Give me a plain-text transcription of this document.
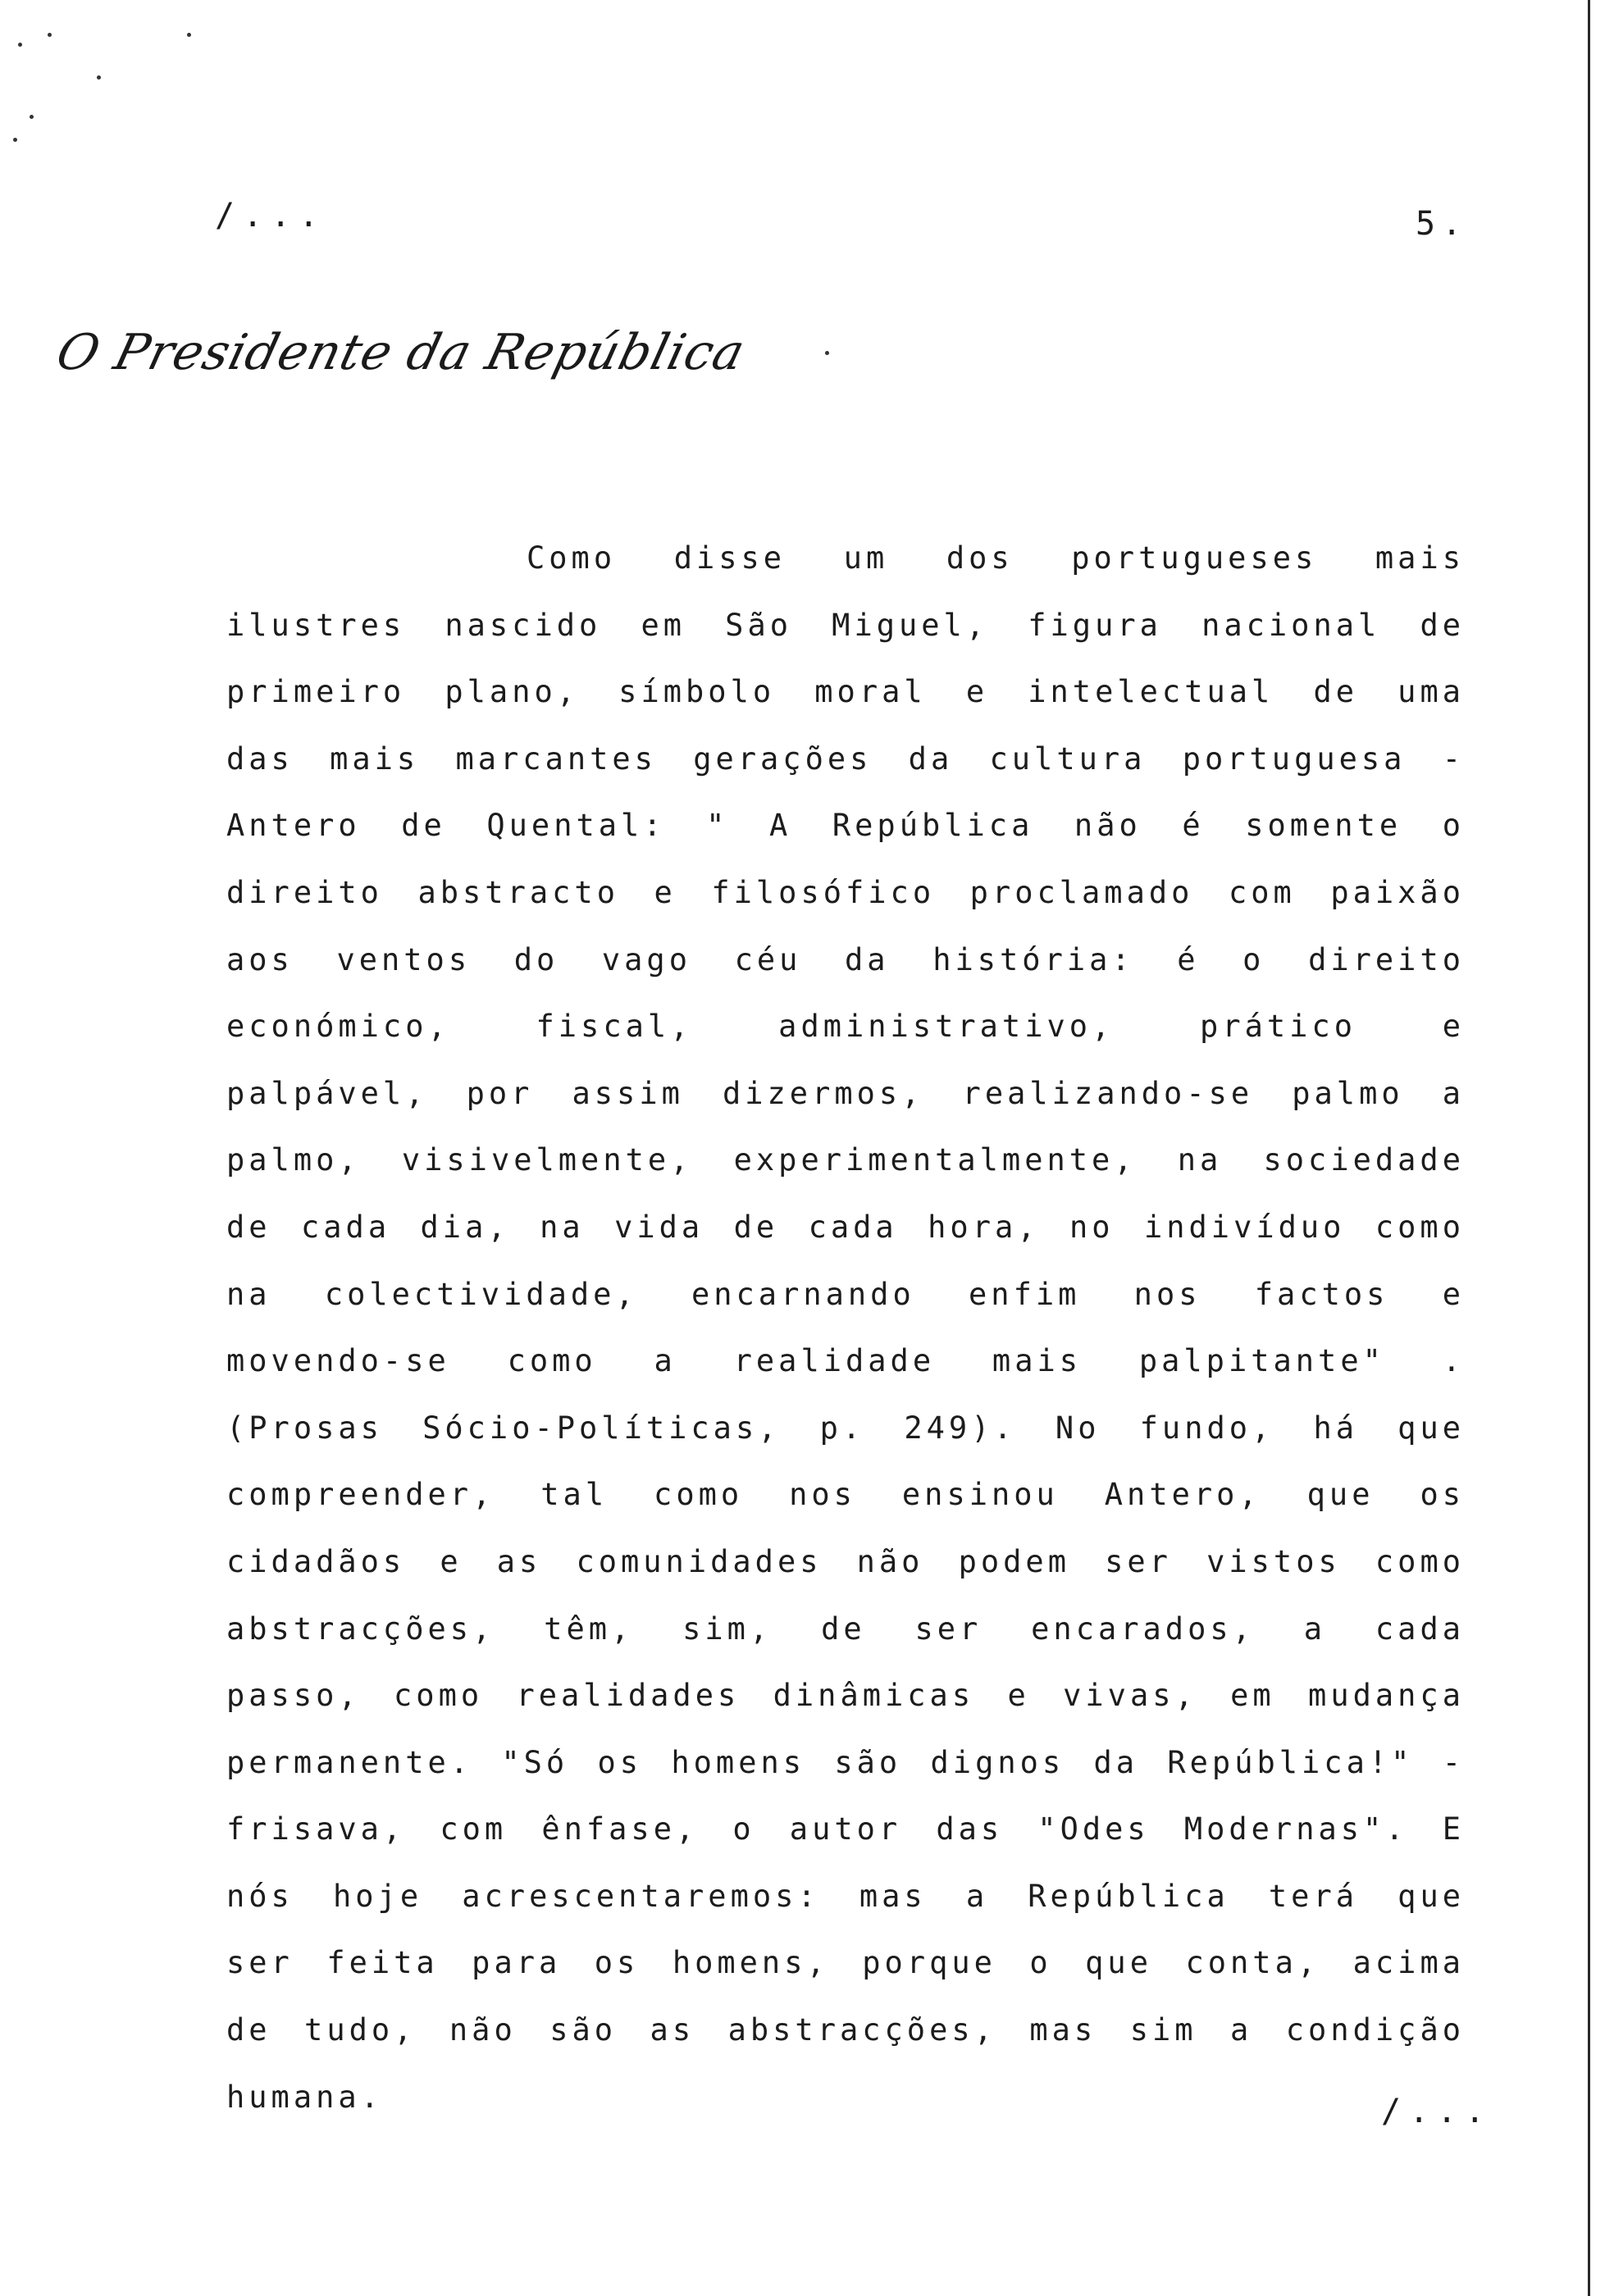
/...	5.
O Presidente da República

Como disse um dos portugueses mais ilustres nascido em São Miguel, figura nacional de primeiro plano, símbolo moral e intelectual de uma das mais marcantes gerações da cultura portuguesa - Antero de Quental: " A República não é somente o direito abstracto e filosófico proclamado com paixão aos ventos do vago céu da história: é o direito económico, fiscal, administrativo, prático e palpável, por assim dizermos, realizando-se palmo a palmo, visivelmente, experimentalmente, na sociedade de cada dia, na vida de cada hora, no indivíduo como na colectividade, encarnando enfim nos factos e movendo-se como a realidade mais palpitante" . (Prosas Sócio-Políticas, p. 249). No fundo, há que compreender, tal como nos ensinou Antero, que os cidadãos e as comunidades não podem ser vistos como abstracções, têm, sim, de ser encarados, a cada passo, como realidades dinâmicas e vivas, em mudança permanente. "Só os homens são dignos da República!" - frisava, com ênfase, o autor das "Odes Modernas". E nós hoje acrescentaremos: mas a República terá que ser feita para os homens, porque o que conta, acima de tudo, não são as abstracções, mas sim a condição humana.	/...
